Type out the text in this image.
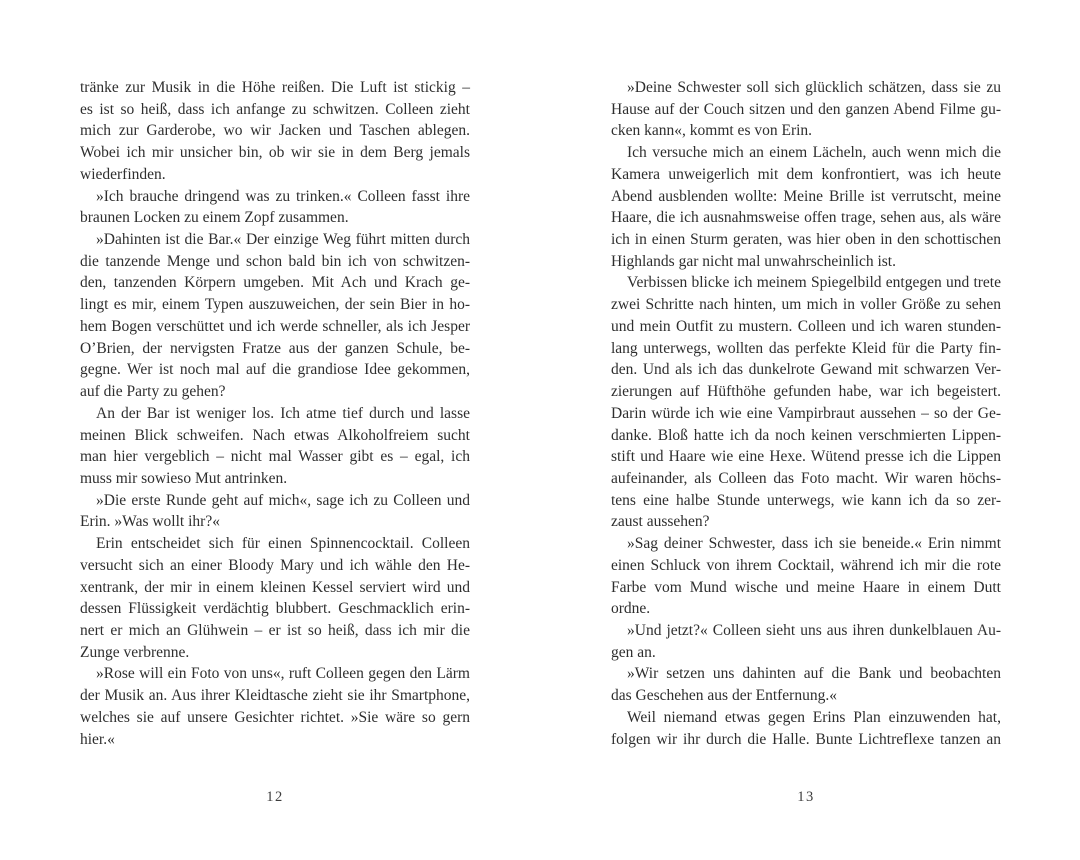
tränke zur Musik in die Höhe reißen. Die Luft ist stickig –
es ist so heiß, dass ich anfange zu schwitzen. Colleen zieht
mich zur Garderobe, wo wir Jacken und Taschen ablegen.
Wobei ich mir unsicher bin, ob wir sie in dem Berg jemals
wiederfinden.
»Ich brauche dringend was zu trinken.« Colleen fasst ihre
braunen Locken zu einem Zopf zusammen.
»Dahinten ist die Bar.« Der einzige Weg führt mitten durch
die tanzende Menge und schon bald bin ich von schwitzen-
den, tanzenden Körpern umgeben. Mit Ach und Krach ge-
lingt es mir, einem Typen auszuweichen, der sein Bier in ho-
hem Bogen verschüttet und ich werde schneller, als ich Jesper
O’Brien, der nervigsten Fratze aus der ganzen Schule, be-
gegne. Wer ist noch mal auf die grandiose Idee gekommen,
auf die Party zu gehen?
An der Bar ist weniger los. Ich atme tief durch und lasse
meinen Blick schweifen. Nach etwas Alkoholfreiem sucht
man hier vergeblich – nicht mal Wasser gibt es – egal, ich
muss mir sowieso Mut antrinken.
»Die erste Runde geht auf mich«, sage ich zu Colleen und
Erin. »Was wollt ihr?«
Erin entscheidet sich für einen Spinnencocktail. Colleen
versucht sich an einer Bloody Mary und ich wähle den He-
xentrank, der mir in einem kleinen Kessel serviert wird und
dessen Flüssigkeit verdächtig blubbert. Geschmacklich erin-
nert er mich an Glühwein – er ist so heiß, dass ich mir die
Zunge verbrenne.
»Rose will ein Foto von uns«, ruft Colleen gegen den Lärm
der Musik an. Aus ihrer Kleidtasche zieht sie ihr Smartphone,
welches sie auf unsere Gesichter richtet. »Sie wäre so gern
hier.«
12
»Deine Schwester soll sich glücklich schätzen, dass sie zu
Hause auf der Couch sitzen und den ganzen Abend Filme gu-
cken kann«, kommt es von Erin.
Ich versuche mich an einem Lächeln, auch wenn mich die
Kamera unweigerlich mit dem konfrontiert, was ich heute
Abend ausblenden wollte: Meine Brille ist verrutscht, meine
Haare, die ich ausnahmsweise offen trage, sehen aus, als wäre
ich in einen Sturm geraten, was hier oben in den schottischen
Highlands gar nicht mal unwahrscheinlich ist.
Verbissen blicke ich meinem Spiegelbild entgegen und trete
zwei Schritte nach hinten, um mich in voller Größe zu sehen
und mein Outfit zu mustern. Colleen und ich waren stunden-
lang unterwegs, wollten das perfekte Kleid für die Party fin-
den. Und als ich das dunkelrote Gewand mit schwarzen Ver-
zierungen auf Hüfthöhe gefunden habe, war ich begeistert.
Darin würde ich wie eine Vampirbraut aussehen – so der Ge-
danke. Bloß hatte ich da noch keinen verschmierten Lippen-
stift und Haare wie eine Hexe. Wütend presse ich die Lippen
aufeinander, als Colleen das Foto macht. Wir waren höchs-
tens eine halbe Stunde unterwegs, wie kann ich da so zer-
zaust aussehen?
»Sag deiner Schwester, dass ich sie beneide.« Erin nimmt
einen Schluck von ihrem Cocktail, während ich mir die rote
Farbe vom Mund wische und meine Haare in einem Dutt
ordne.
»Und jetzt?« Colleen sieht uns aus ihren dunkelblauen Au-
gen an.
»Wir setzen uns dahinten auf die Bank und beobachten
das Geschehen aus der Entfernung.«
Weil niemand etwas gegen Erins Plan einzuwenden hat,
folgen wir ihr durch die Halle. Bunte Lichtreflexe tanzen an
13
